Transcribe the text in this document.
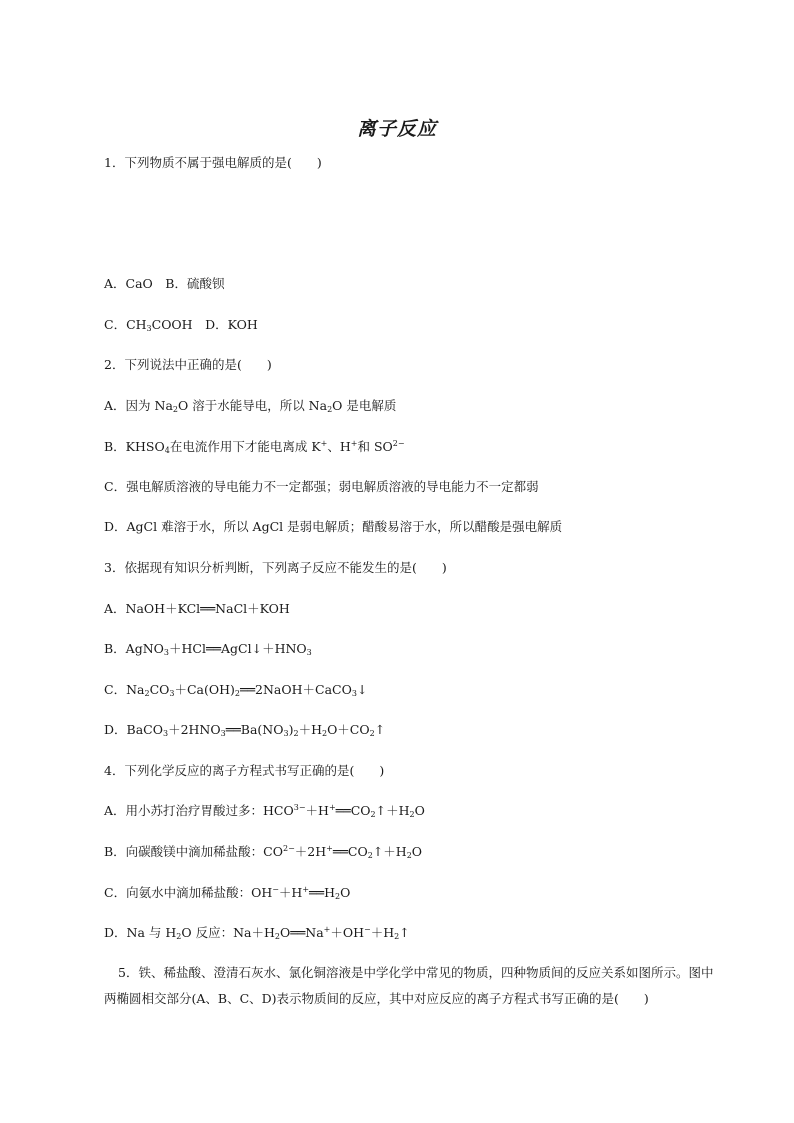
离子反应
1．下列物质不属于强电解质的是(　　)
A．CaO　B．硫酸钡
C．$CH_3COOH$　D．KOH
2．下列说法中正确的是(　　)
A．因为 $Na_2O$ 溶于水能导电，所以 $Na_2O$ 是电解质
B．$KHSO_4$在电流作用下才能电离成 K+、H+和 $SO^{2-}$
C．强电解质溶液的导电能力不一定都强；弱电解质溶液的导电能力不一定都弱
D．AgCl 难溶于水，所以 AgCl 是弱电解质；醋酸易溶于水，所以醋酸是强电解质
3．依据现有知识分析判断，下列离子反应不能发生的是(　　)
A．NaOH＋KCl══NaCl＋KOH
B．$AgNO_3+HCl══AgCl↓+HNO_3$
C．$Na_2CO_3+Ca(OH)_2══2NaOH+CaCO_3↓$
D．$BaCO_3+2HNO_3══Ba(NO_3)_2+H_2O+CO_2↑$
4．下列化学反应的离子方程式书写正确的是(　　)
A．用小苏打治疗胃酸过多：$HCO^{3-}+H^+══CO_2↑+H_2O$
B．向碳酸镁中滴加稀盐酸：$CO^{2-}+2H^+══CO_2↑+H_2O$
C．向氨水中滴加稀盐酸：$OH^-+H^+══H_2O$
D．Na 与 $H_2O$ 反应：$Na+H_2O══Na^++OH^-+H_2↑$
5．铁、稀盐酸、澄清石灰水、氯化铜溶液是中学化学中常见的物质，四种物质间的反应关系如图所示。图中两椭圆相交部分(A、B、C、D)表示物质间的反应，其中对应反应的离子方程式书写正确的是(　　)
